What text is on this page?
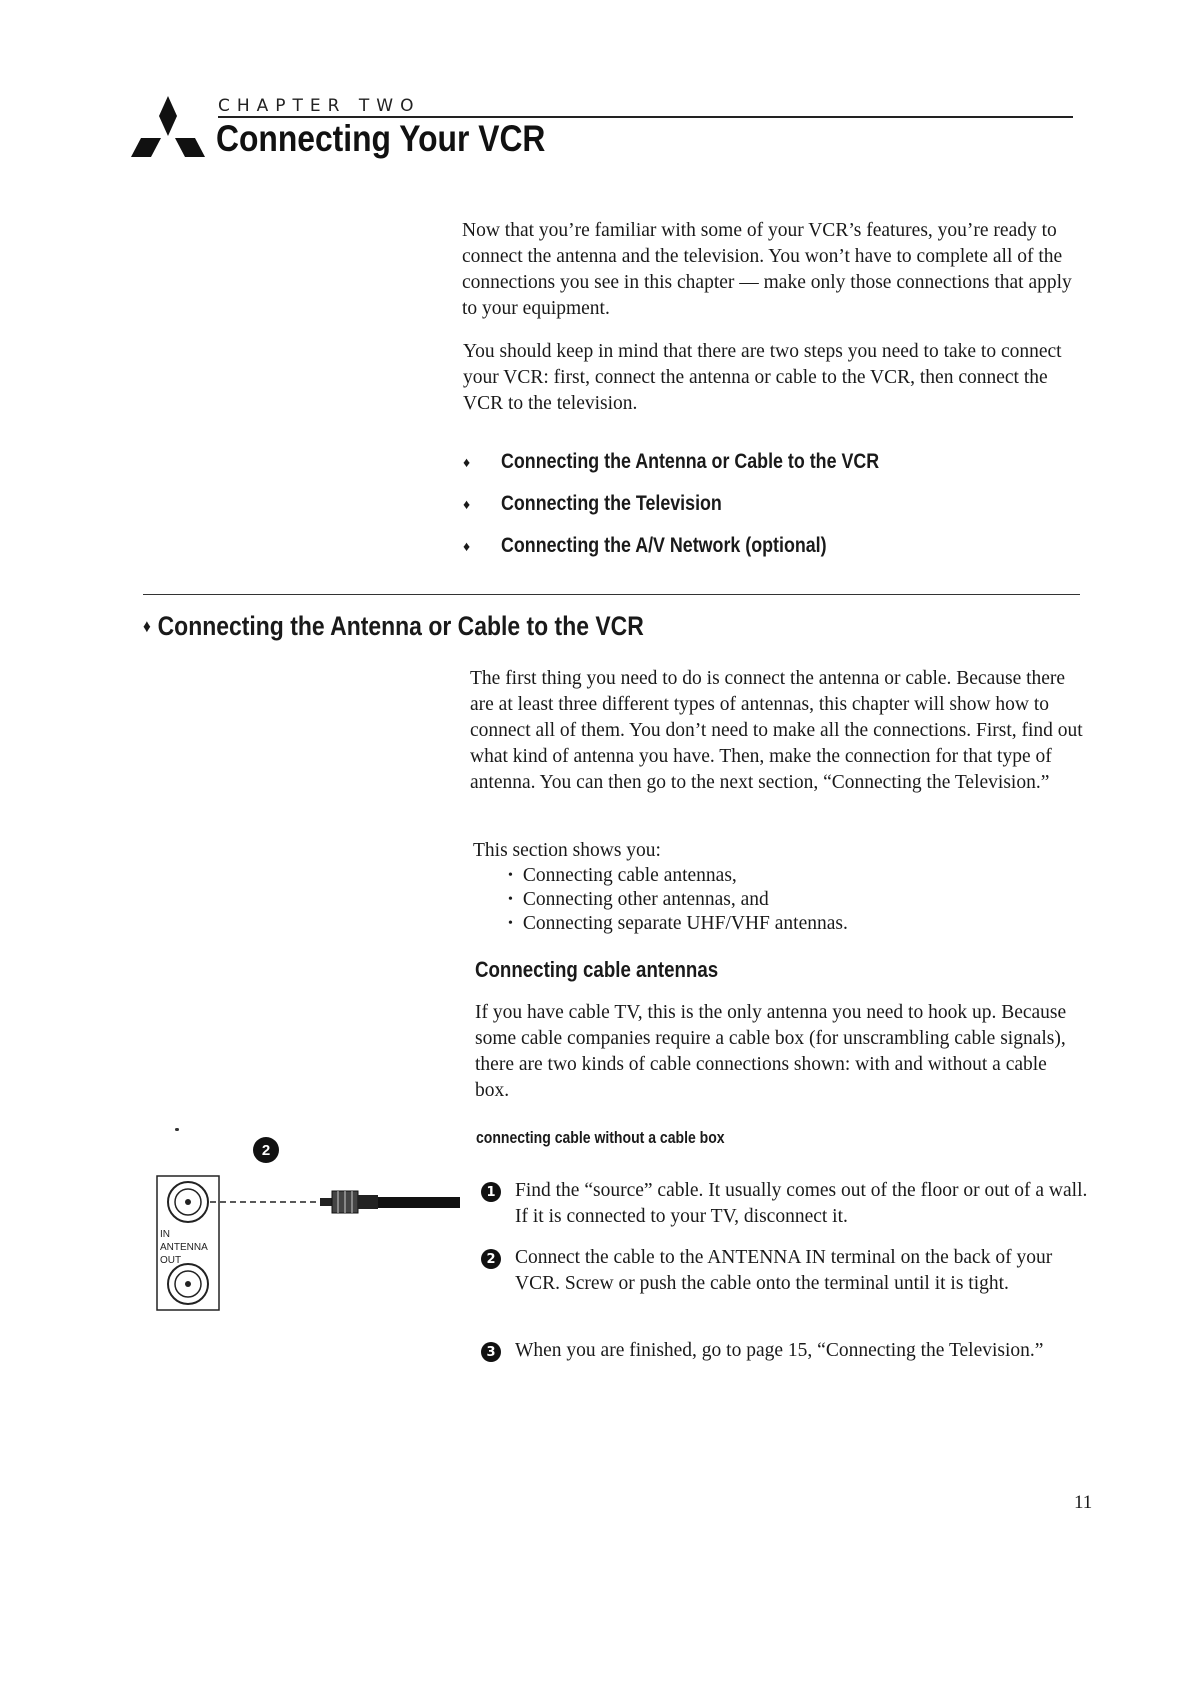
CHAPTER TWO
Connecting Your VCR

Now that you’re familiar with some of your VCR’s features, you’re ready to connect the antenna and the television. You won’t have to complete all of the connections you see in this chapter — make only those connections that apply to your equipment.

You should keep in mind that there are two steps you need to take to connect your VCR: first, connect the antenna or cable to the VCR, then connect the VCR to the television.

♦	Connecting the Antenna or Cable to the VCR
♦	Connecting the Television
♦	Connecting the A/V Network (optional)
♦ Connecting the Antenna or Cable to the VCR

The first thing you need to do is connect the antenna or cable. Because there are at least three different types of antennas, this chapter will show how to connect all of them. You don’t need to make all the connections. First, find out what kind of antenna you have. Then, make the connection for that type of antenna. You can then go to the next section, “Connecting the Television.”

This section shows you:

• Connecting cable antennas,
• Connecting other antennas, and
• Connecting separate UHF/VHF antennas.
Connecting cable antennas

If you have cable TV, this is the only antenna you need to hook up. Because some cable companies require a cable box (for unscrambling cable signals), there are two kinds of cable connections shown: with and without a cable box.

connecting cable without a cable box
1 Find the “source” cable. It usually comes out of the floor or out of a wall. If it is connected to your TV, disconnect it.

2 Connect the cable to the ANTENNA IN terminal on the back of your VCR. Screw or push the cable onto the terminal until it is tight.

3 When you are finished, go to page 15, “Connecting the Television.”

2
IN
ANTENNA
OUT
11
